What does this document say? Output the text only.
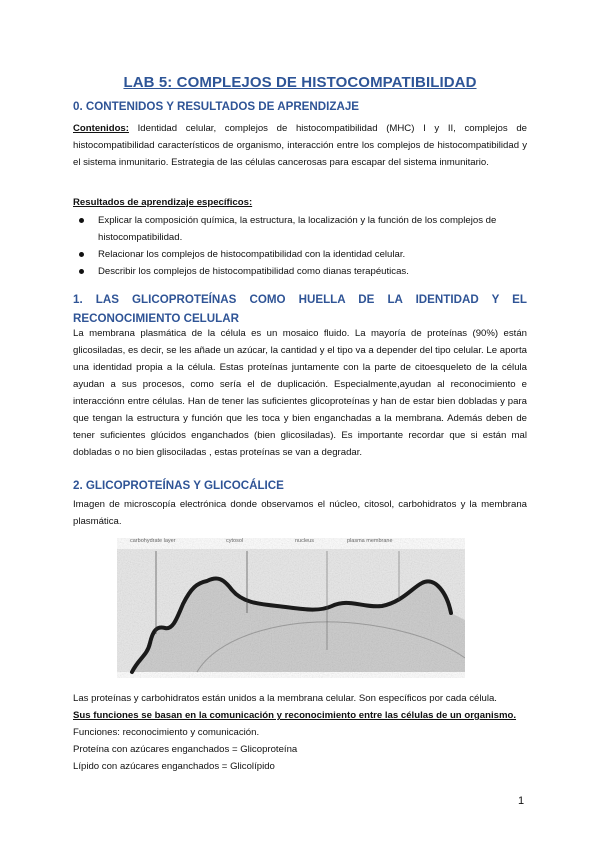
LAB 5: COMPLEJOS DE HISTOCOMPATIBILIDAD
0. CONTENIDOS Y RESULTADOS DE APRENDIZAJE
Contenidos: Identidad celular, complejos de histocompatibilidad (MHC) I y II, complejos de histocompatibilidad característicos de organismo, interacción entre los complejos de histocompatibilidad y el sistema inmunitario. Estrategia de las células cancerosas para escapar del sistema inmunitario.
Resultados de aprendizaje específicos:
Explicar la composición química, la estructura, la localización y la función de los complejos de histocompatibilidad.
Relacionar los complejos de histocompatibilidad con la identidad celular.
Describir los complejos de histocompatibilidad como dianas terapéuticas.
1. LAS GLICOPROTEÍNAS COMO HUELLA DE LA IDENTIDAD Y EL RECONOCIMIENTO CELULAR
La membrana plasmática de la célula es un mosaico fluido. La mayoría de proteínas (90%) están glicosiladas, es decir, se les añade un azúcar, la cantidad y el tipo va a depender del tipo celular. Le aporta una identidad propia a la célula. Estas proteínas juntamente con la parte de citoesqueleto de la célula ayudan a sus procesos, como sería el de duplicación. Especialmente,ayudan al reconocimiento e interacciónn entre células. Han de tener las suficientes glicoproteínas y han de estar bien dobladas y para que tengan la estructura y función que les toca y bien enganchadas a la membrana. Además deben de tener suficientes glúcidos enganchados (bien glicosiladas). Es importante recordar que si están mal dobladas o no bien glisociladas , estas proteínas se van a degradar.
2. GLICOPROTEÍNAS Y GLICOCÁLICE
Imagen de microscopía electrónica donde observamos el núcleo, citosol, carbohidratos y la membrana plasmática.
carbohydrate layer	cytosol	nucleus	plasma membrane
Las proteínas y carbohidratos están unidos a la membrana celular. Son específicos por cada célula.
Sus funciones se basan en la comunicación y reconocimiento entre las células de un organismo.
Funciones: reconocimiento y comunicación.
Proteína con azúcares enganchados = Glicoproteína
Lípido con azúcares enganchados = Glicolípido
1
